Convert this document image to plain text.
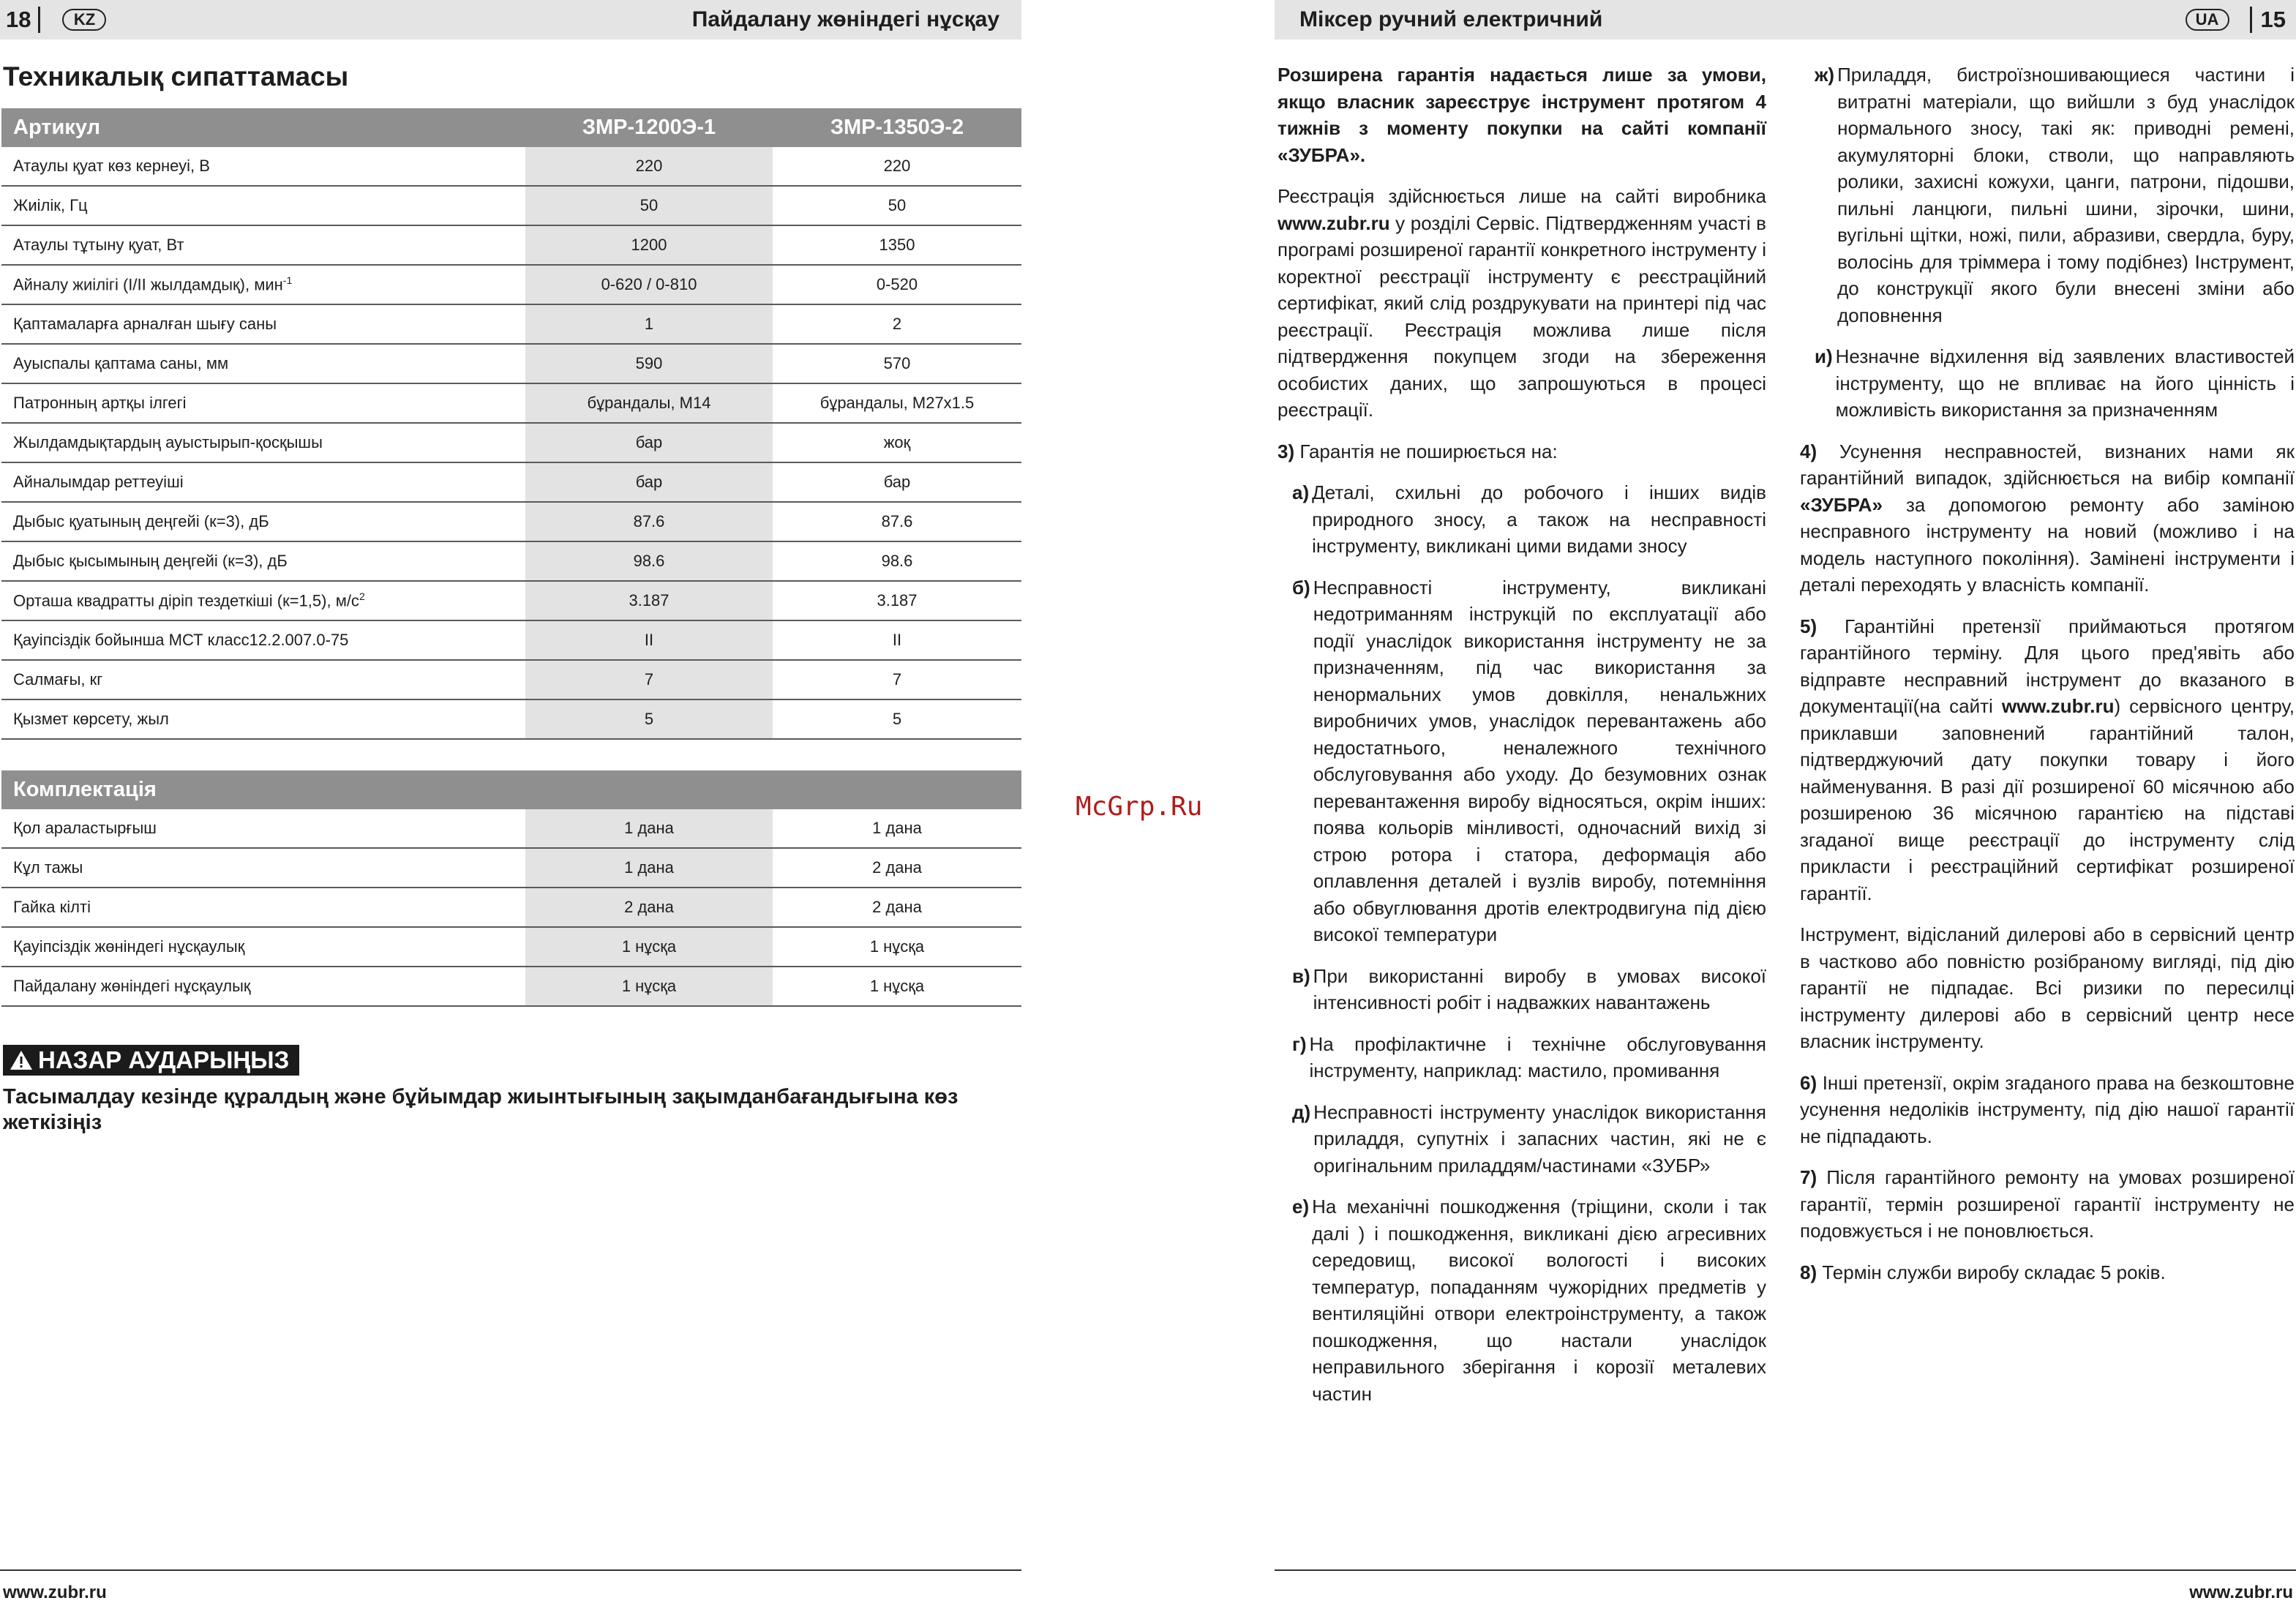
18	KZ	Пайдалану жөніндегі нұсқау
Техникалық сипаттамасы
Артикул	ЗМР-1200Э-1	ЗМР-1350Э-2
Атаулы қуат көз кернеуі, В	220	220
Жиілік, Гц	50	50
Атаулы тұтыну қуат, Вт	1200	1350
Айналу жиілігі (I/II жылдамдық), мин$^{-1}$	0-620 / 0-810	0-520
Қаптамаларға арналған шығу саны	1	2
Ауыспалы қаптама саны, мм	590	570
Патронның артқы ілгегі	бұрандалы, М14	бұрандалы, М27х1.5
Жылдамдықтардың ауыстырып-қосқышы	бар	жоқ
Айналымдар реттеуіші	бар	бар
Дыбыс қуатының деңгейі (к=3), дБ	87.6	87.6
Дыбыс қысымының деңгейі (к=3), дБ	98.6	98.6
Орташа квадратты діріп тездеткіші (к=1,5), $м/с^2$	3.187	3.187
Қауіпсіздік бойынша МСТ класс12.2.007.0-75	II	II
Салмағы, кг	7	7
Қызмет көрсету, жыл	5	5
Комплектація		
Қол араластырғыш	1 дана	1 дана
Кұл тажы	1 дана	2 дана
Гайка кілті	2 дана	2 дана
Қауіпсіздік жөніндегі нұсқаулық	1 нұсқа	1 нұсқа
Пайдалану жөніндегі нұсқаулық	1 нұсқа	1 нұсқа
НАЗАР АУДАРЫҢЫЗ
Тасымалдау кезінде құралдың және бұйымдар жиынтығының зақымданбағандығына көз жеткізіңіз
www.zubr.ru
McGrp.Ru
Міксер ручний електричний	UA	15

Розширена гарантія надається лише за умови, якщо власник зареєструє інструмент протягом 4 тижнів з моменту покупки на сайті компанії «ЗУБРА».

Реєстрація здійснюється лише на сайті виробника www.zubr.ru у розділі Сервіс. Підтвердженням участі в програмі розширеної гарантії конкретного інструменту і коректної реєстрації інструменту є реєстраційний сертифікат, який слід роздрукувати на принтері під час реєстрації. Реєстрація можлива лише після підтвердження покупцем згоди на збереження особистих даних, що запрошуються в процесі реєстрації.

3) Гарантія не поширюється на:

а) Деталі, схильні до робочого і інших видів природного зносу, а також на несправності інструменту, викликані цими видами зносу
б) Несправності інструменту, викликані недотриманням інструкцій по експлуатації або події унаслідок використання інструменту не за призначенням, під час використання за ненормальних умов довкілля, ненальжних виробничих умов, унаслідок перевантажень або недостатнього, неналежного технічного обслуговування або уходу. До безумовних ознак перевантаження виробу відносяться, окрім інших: поява кольорів мінливості, одночасний вихід зі строю ротора і статора, деформація або оплавлення деталей і вузлів виробу, потемніння або обвуглювання дротів електродвигуна під дією високої температури
в) При використанні виробу в умовах високої інтенсивності робіт і надважких навантажень
г) На профілактичне і технічне обслуговування інструменту, наприклад: мастило, промивання
д) Несправності інструменту унаслідок використання приладдя, супутніх і запасних частин, які не є оригінальним приладдям/частинами «ЗУБР»
е) На механічні пошкодження (тріщини, сколи і так далі ) і пошкодження, викликані дією агресивних середовищ, високої вологості і високих температур, попаданням чужорідних предметів у вентиляційні отвори електроінструменту, а також пошкодження, що настали унаслідок неправильного зберігання і корозії металевих частин
ж) Приладдя, бистроїзношивающиеся частини і витратні матеріали, що вийшли з буд унаслідок нормального зносу, такі як: приводні ремені, акумуляторні блоки, стволи, що направляють ролики, захисні кожухи, цанги, патрони, підошви, пильні ланцюги, пильні шини, зірочки, шини, вугільні щітки, ножі, пили, абразиви, свердла, буру, волосінь для тріммера і тому подібнез) Інструмент, до конструкції якого були внесені зміни або доповнення
и) Незначне відхилення від заявлених властивостей інструменту, що не впливає на його цінність і можливість використання за призначенням

4) Усунення несправностей, визнаних нами як гарантійний випадок, здійснюється на вибір компанії «ЗУБРА» за допомогою ремонту або заміною несправного інструменту на новий (можливо і на модель наступного покоління). Замінені інструменти і деталі переходять у власність компанії.

5) Гарантійні претензії приймаються протягом гарантійного терміну. Для цього пред'явіть або відправте несправний інструмент до вказаного в документації(на сайті www.zubr.ru) сервісного центру, приклавши заповнений гарантійний талон, підтверджуючий дату покупки товару і його найменування. В разі дії розширеної 60 місячною або розширеною 36 місячною гарантією на підставі згаданої вище реєстрації до інструменту слід прикласти і реєстраційний сертифікат розширеної гарантії.

Інструмент, відісланий дилерові або в сервісний центр в частково або повністю розібраному вигляді, під дію гарантії не підпадає. Всі ризики по пересилці інструменту дилерові або в сервісний центр несе власник інструменту.

6) Інші претензії, окрім згаданого права на безкоштовне усунення недоліків інструменту, під дію нашої гарантії не підпадають.

7) Після гарантійного ремонту на умовах розширеної гарантії, термін розширеної гарантії інструменту не подовжується і не поновлюється.

8) Термін служби виробу складає 5 років.

www.zubr.ru
